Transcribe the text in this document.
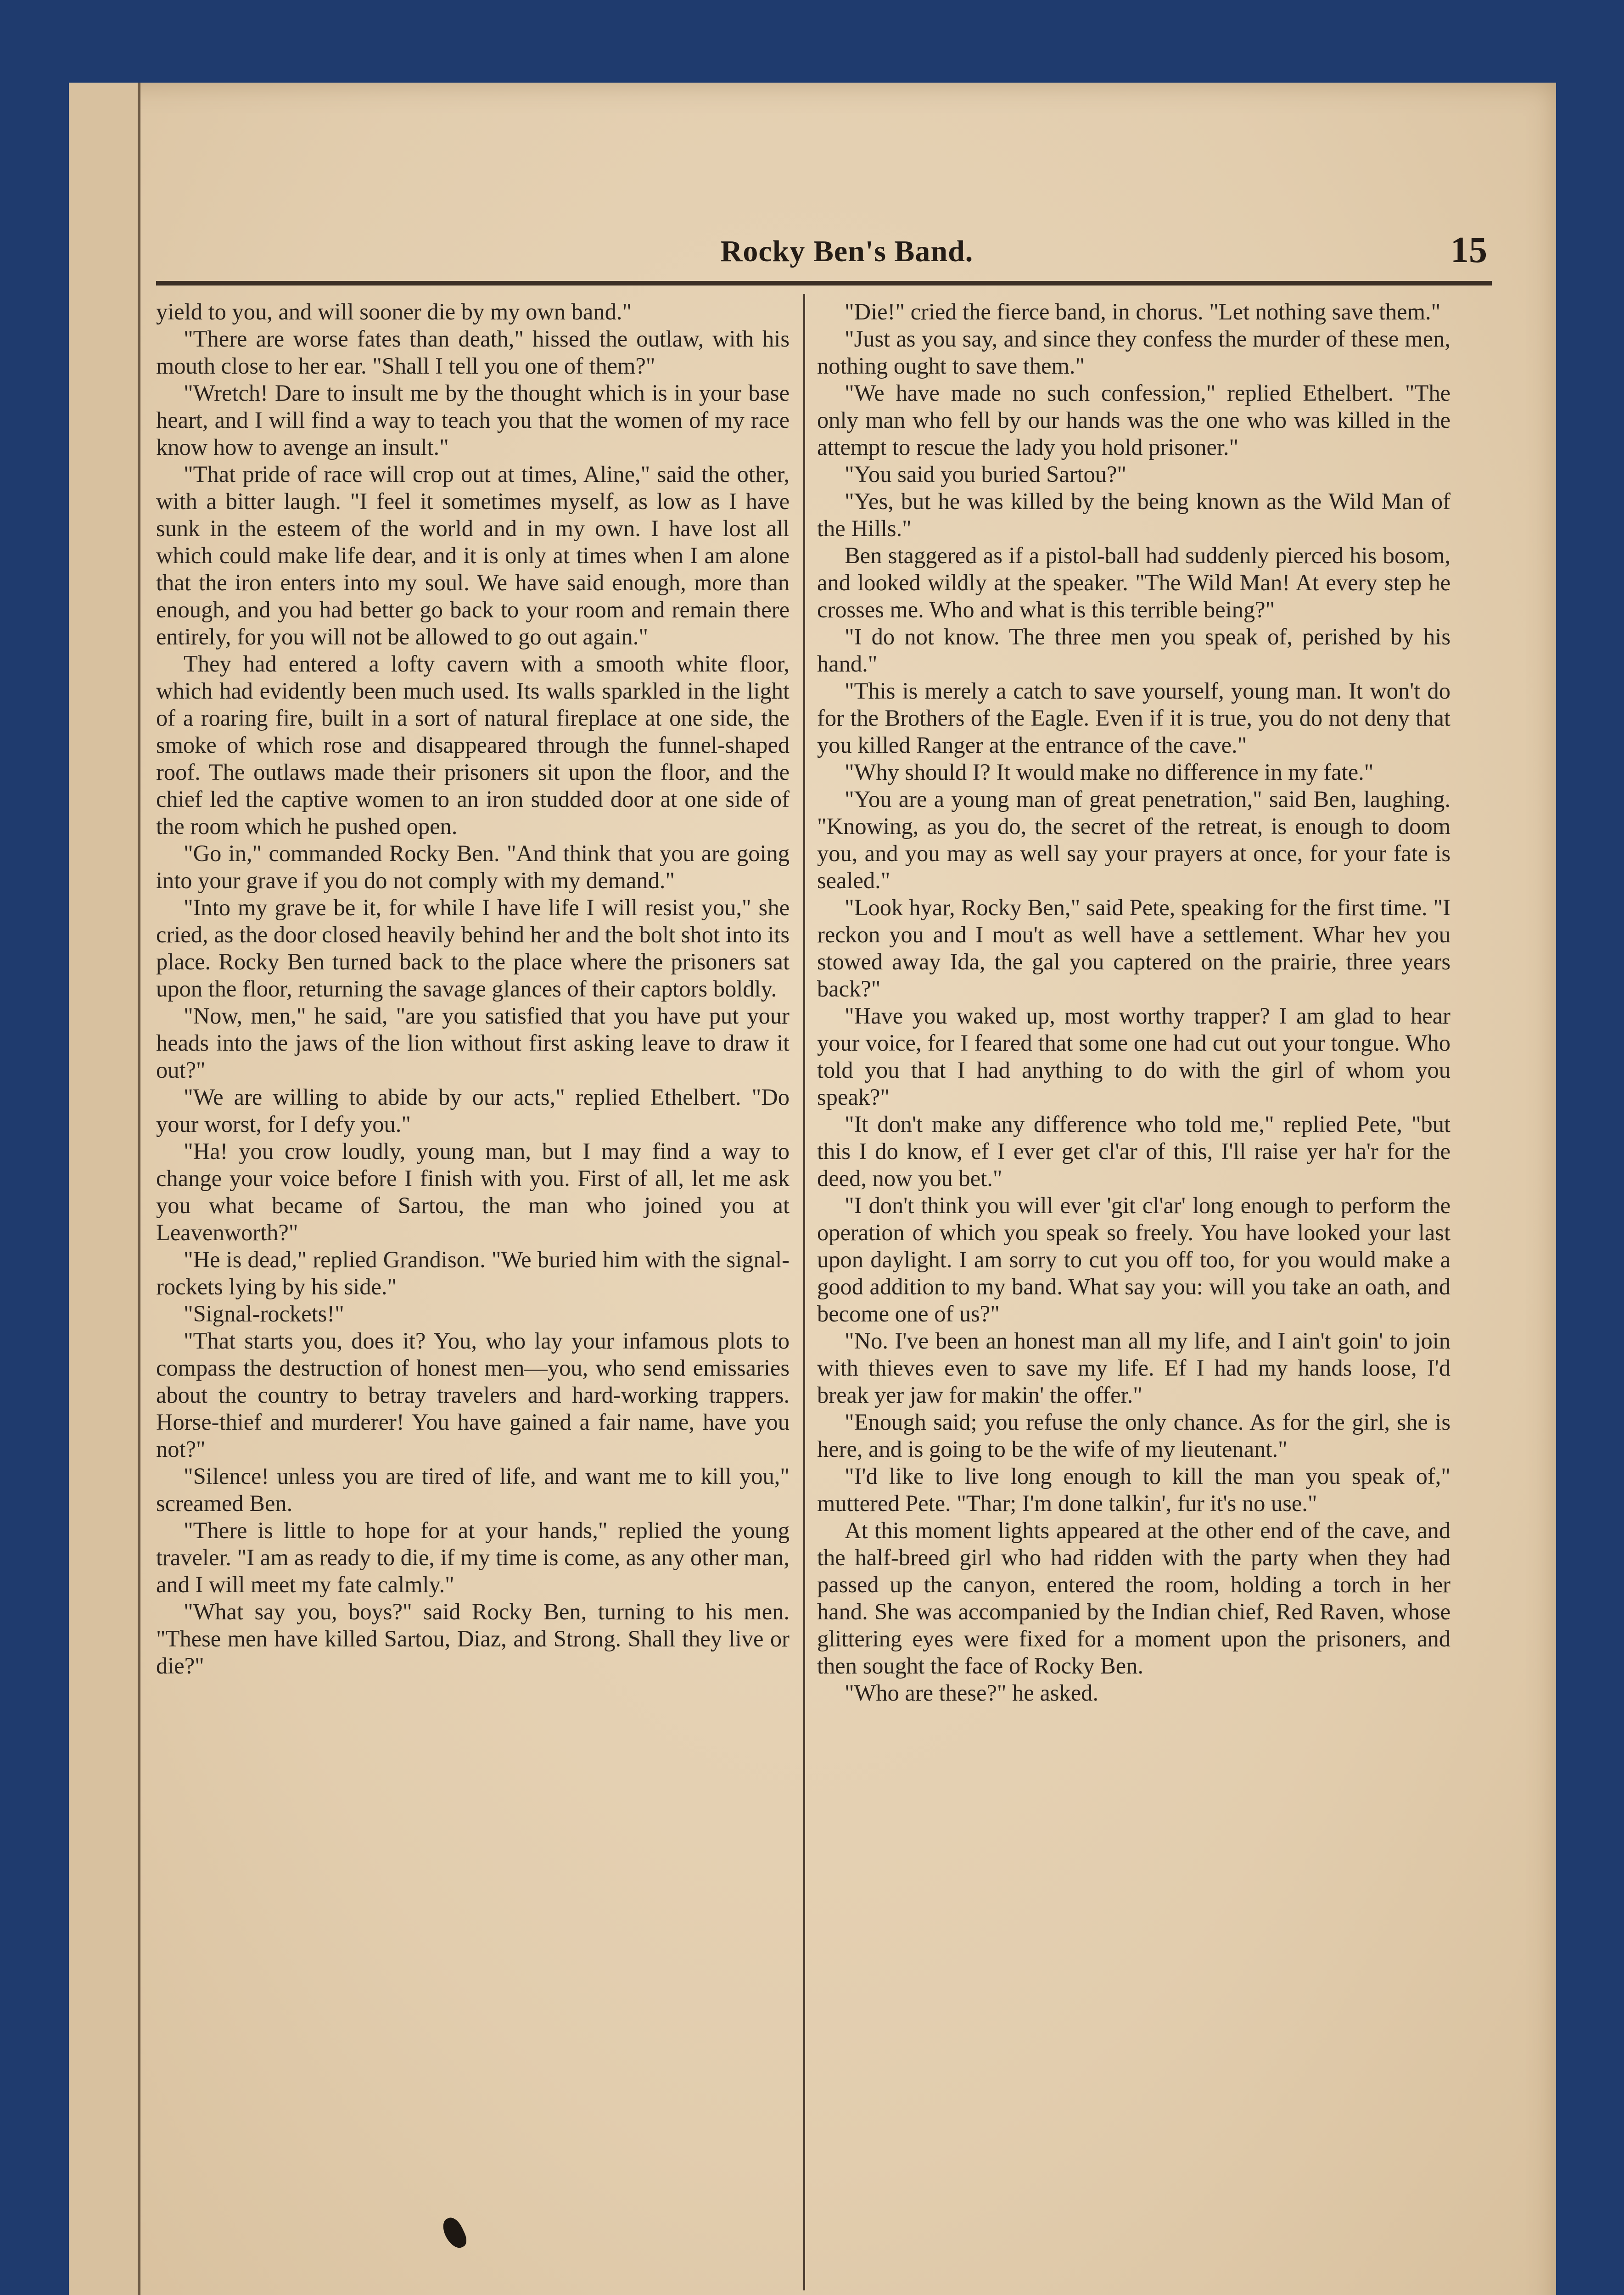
Rocky Ben's Band.	15

yield to you, and will sooner die by my own band."

"There are worse fates than death," hissed the outlaw, with his mouth close to her ear. "Shall I tell you one of them?"

"Wretch! Dare to insult me by the thought which is in your base heart, and I will find a way to teach you that the women of my race know how to avenge an insult."

"That pride of race will crop out at times, Aline," said the other, with a bitter laugh. "I feel it sometimes myself, as low as I have sunk in the esteem of the world and in my own. I have lost all which could make life dear, and it is only at times when I am alone that the iron enters into my soul. We have said enough, more than enough, and you had better go back to your room and remain there entirely, for you will not be allowed to go out again."

They had entered a lofty cavern with a smooth white floor, which had evidently been much used. Its walls sparkled in the light of a roaring fire, built in a sort of natural fireplace at one side, the smoke of which rose and disappeared through the funnel-shaped roof. The outlaws made their prisoners sit upon the floor, and the chief led the captive women to an iron studded door at one side of the room which he pushed open.

"Go in," commanded Rocky Ben. "And think that you are going into your grave if you do not comply with my demand."

"Into my grave be it, for while I have life I will resist you," she cried, as the door closed heavily behind her and the bolt shot into its place. Rocky Ben turned back to the place where the prisoners sat upon the floor, returning the savage glances of their captors boldly.

"Now, men," he said, "are you satisfied that you have put your heads into the jaws of the lion without first asking leave to draw it out?"

"We are willing to abide by our acts," replied Ethelbert. "Do your worst, for I defy you."

"Ha! you crow loudly, young man, but I may find a way to change your voice before I finish with you. First of all, let me ask you what became of Sartou, the man who joined you at Leavenworth?"

"He is dead," replied Grandison. "We buried him with the signal-rockets lying by his side."

"Signal-rockets!"

"That starts you, does it? You, who lay your infamous plots to compass the destruction of honest men—you, who send emissaries about the country to betray travelers and hard-working trappers. Horse-thief and murderer! You have gained a fair name, have you not?"

"Silence! unless you are tired of life, and want me to kill you," screamed Ben.

"There is little to hope for at your hands," replied the young traveler. "I am as ready to die, if my time is come, as any other man, and I will meet my fate calmly."

"What say you, boys?" said Rocky Ben, turning to his men. "These men have killed Sartou, Diaz, and Strong. Shall they live or die?"

"Die!" cried the fierce band, in chorus. "Let nothing save them."

"Just as you say, and since they confess the murder of these men, nothing ought to save them."

"We have made no such confession," replied Ethelbert. "The only man who fell by our hands was the one who was killed in the attempt to rescue the lady you hold prisoner."

"You said you buried Sartou?"

"Yes, but he was killed by the being known as the Wild Man of the Hills."

Ben staggered as if a pistol-ball had suddenly pierced his bosom, and looked wildly at the speaker. "The Wild Man! At every step he crosses me. Who and what is this terrible being?"

"I do not know. The three men you speak of, perished by his hand."

"This is merely a catch to save yourself, young man. It won't do for the Brothers of the Eagle. Even if it is true, you do not deny that you killed Ranger at the entrance of the cave."

"Why should I? It would make no difference in my fate."

"You are a young man of great penetration," said Ben, laughing. "Knowing, as you do, the secret of the retreat, is enough to doom you, and you may as well say your prayers at once, for your fate is sealed."

"Look hyar, Rocky Ben," said Pete, speaking for the first time. "I reckon you and I mou't as well have a settlement. Whar hev you stowed away Ida, the gal you captered on the prairie, three years back?"

"Have you waked up, most worthy trapper? I am glad to hear your voice, for I feared that some one had cut out your tongue. Who told you that I had anything to do with the girl of whom you speak?"

"It don't make any difference who told me," replied Pete, "but this I do know, ef I ever get cl'ar of this, I'll raise yer ha'r for the deed, now you bet."

"I don't think you will ever 'git cl'ar' long enough to perform the operation of which you speak so freely. You have looked your last upon daylight. I am sorry to cut you off too, for you would make a good addition to my band. What say you: will you take an oath, and become one of us?"

"No. I've been an honest man all my life, and I ain't goin' to join with thieves even to save my life. Ef I had my hands loose, I'd break yer jaw for makin' the offer."

"Enough said; you refuse the only chance. As for the girl, she is here, and is going to be the wife of my lieutenant."

"I'd like to live long enough to kill the man you speak of," muttered Pete. "Thar; I'm done talkin', fur it's no use."

At this moment lights appeared at the other end of the cave, and the half-breed girl who had ridden with the party when they had passed up the canyon, entered the room, holding a torch in her hand. She was accompanied by the Indian chief, Red Raven, whose glittering eyes were fixed for a moment upon the prisoners, and then sought the face of Rocky Ben.

"Who are these?" he asked.
